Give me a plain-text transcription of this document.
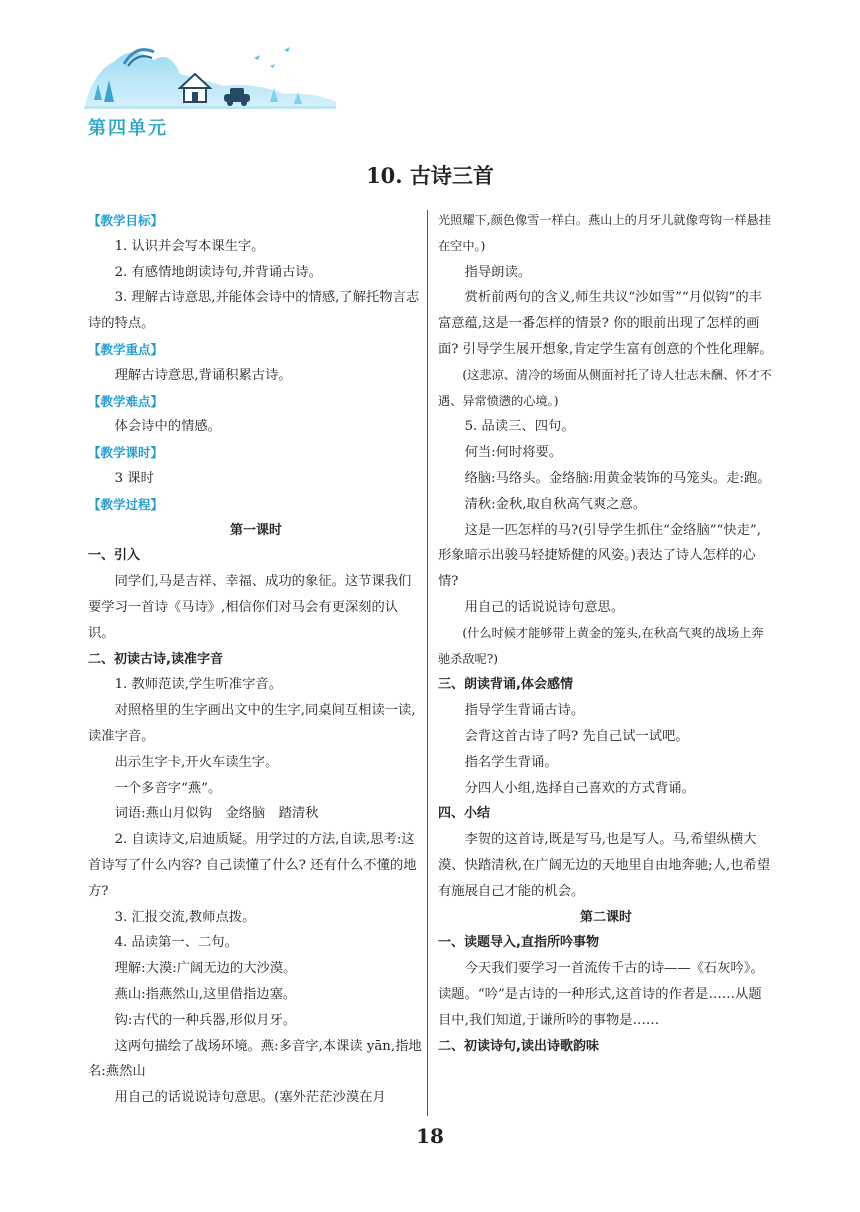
第四单元
10. 古诗三首

【教学目标】

1. 认识并会写本课生字。

2. 有感情地朗读诗句,并背诵古诗。

3. 理解古诗意思,并能体会诗中的情感,了解托物言志诗的特点。

【教学重点】

理解古诗意思,背诵积累古诗。

【教学难点】

体会诗中的情感。

【教学课时】

3 课时

【教学过程】

第一课时

一、引入

同学们,马是吉祥、幸福、成功的象征。这节课我们要学习一首诗《马诗》,相信你们对马会有更深刻的认识。

二、初读古诗,读准字音

1. 教师范读,学生听准字音。

对照格里的生字画出文中的生字,同桌间互相读一读,读准字音。

出示生字卡,开火车读生字。

一个多音字“燕”。

词语:燕山月似钩　金络脑　踏清秋

2. 自读诗文,启迪质疑。用学过的方法,自读,思考:这首诗写了什么内容? 自己读懂了什么? 还有什么不懂的地方?

3. 汇报交流,教师点拨。

4. 品读第一、二句。

理解:大漠:广阔无边的大沙漠。

燕山:指燕然山,这里借指边塞。

钩:古代的一种兵器,形似月牙。

这两句描绘了战场环境。燕:多音字,本课读 yān,指地名:燕然山

用自己的话说说诗句意思。(塞外茫茫沙漠在月

光照耀下,颜色像雪一样白。燕山上的月牙儿就像弯钩一样悬挂在空中。)

指导朗读。

赏析前两句的含义,师生共议“沙如雪”“月似钩”的丰富意蕴,这是一番怎样的情景? 你的眼前出现了怎样的画面? 引导学生展开想象,肯定学生富有创意的个性化理解。

(这悲凉、清冷的场面从侧面衬托了诗人壮志未酬、怀才不遇、异常愤懑的心境。)

5. 品读三、四句。

何当:何时将要。

络脑:马络头。金络脑:用黄金装饰的马笼头。走:跑。

清秋:金秋,取自秋高气爽之意。

这是一匹怎样的马?(引导学生抓住“金络脑”“快走”,形象暗示出骏马轻捷矫健的风姿。)表达了诗人怎样的心情?

用自己的话说说诗句意思。

(什么时候才能够带上黄金的笼头,在秋高气爽的战场上奔驰杀敌呢?)

三、朗读背诵,体会感情

指导学生背诵古诗。

会背这首古诗了吗? 先自己试一试吧。

指名学生背诵。

分四人小组,选择自己喜欢的方式背诵。

四、小结

李贺的这首诗,既是写马,也是写人。马,希望纵横大漠、快踏清秋,在广阔无边的天地里自由地奔驰;人,也希望有施展自己才能的机会。

第二课时

一、读题导入,直指所吟事物

今天我们要学习一首流传千古的诗——《石灰吟》。读题。“吟”是古诗的一种形式,这首诗的作者是……从题目中,我们知道,于谦所吟的事物是……

二、初读诗句,读出诗歌韵味

18
